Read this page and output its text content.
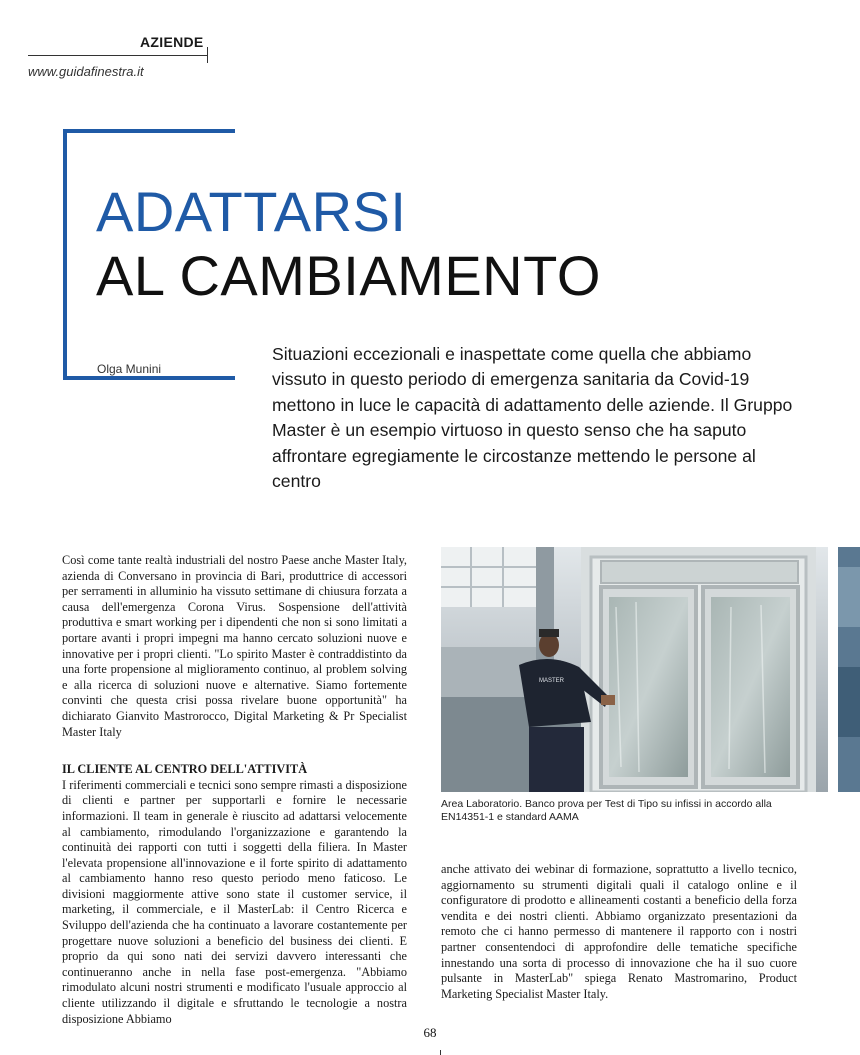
AZIENDE
www.guidafinestra.it
ADATTARSI
AL CAMBIAMENTO
Olga Munini

Situazioni eccezionali e inaspettate come quella che abbiamo vissuto in questo periodo di emergenza sanitaria da Covid-19 mettono in luce le capacità di adattamento delle aziende. Il Gruppo Master è un esempio virtuoso in questo senso che ha saputo affrontare egregiamente le circostanze mettendo le persone al centro

Così come tante realtà industriali del nostro Paese anche Master Italy, azienda di Conversano in provincia di Bari, produttrice di accessori per serramenti in alluminio ha vissuto settimane di chiusura forzata a causa dell'emergenza Corona Virus. Sospensione dell'attività produttiva e smart working per i dipendenti che non si sono limitati a portare avanti i propri impegni ma hanno cercato soluzioni nuove e innovative per i propri clienti. "Lo spirito Master è contraddistinto da una forte propensione al miglioramento continuo, al problem solving e alla ricerca di soluzioni nuove e alternative. Siamo fortemente convinti che questa crisi possa rivelare buone opportunità" ha dichiarato Gianvito Mastrorocco, Digital Marketing & Pr Specialist Master Italy

IL CLIENTE AL CENTRO DELL'ATTIVITÀ

I riferimenti commerciali e tecnici sono sempre rimasti a disposizione di clienti e partner per supportarli e fornire le necessarie informazioni. Il team in generale è riuscito ad adattarsi velocemente al cambiamento, rimodulando l'organizzazione e garantendo la continuità dei rapporti con tutti i soggetti della filiera. In Master l'elevata propensione all'innovazione e il forte spirito di adattamento al cambiamento hanno reso questo periodo meno faticoso. Le divisioni maggiormente attive sono state il customer service, il marketing, il commerciale, e il MasterLab: il Centro Ricerca e Sviluppo dell'azienda che ha continuato a lavorare costantemente per progettare nuove soluzioni a beneficio del business dei clienti. E proprio da qui sono nati dei servizi davvero interessanti che continueranno anche in nella fase post-emergenza. "Abbiamo rimodulato alcuni nostri strumenti e modificato l'usuale approccio al cliente utilizzando il digitale e sfruttando le tecnologie a nostra disposizione Abbiamo

MASTER
Area Laboratorio. Banco prova per Test di Tipo su infissi in accordo alla EN14351-1 e standard AAMA

anche attivato dei webinar di formazione, soprattutto a livello tecnico, aggiornamento su strumenti digitali quali il catalogo online e il configuratore di prodotto e allineamenti costanti a beneficio della forza vendita e dei nostri clienti. Abbiamo organizzato presentazioni da remoto che ci hanno permesso di mantenere il rapporto con i nostri partner consentendoci di approfondire delle tematiche specifiche innestando una sorta di processo di innovazione che ha il suo cuore pulsante in MasterLab" spiega Renato Mastromarino, Product Marketing Specialist Master Italy.

68
